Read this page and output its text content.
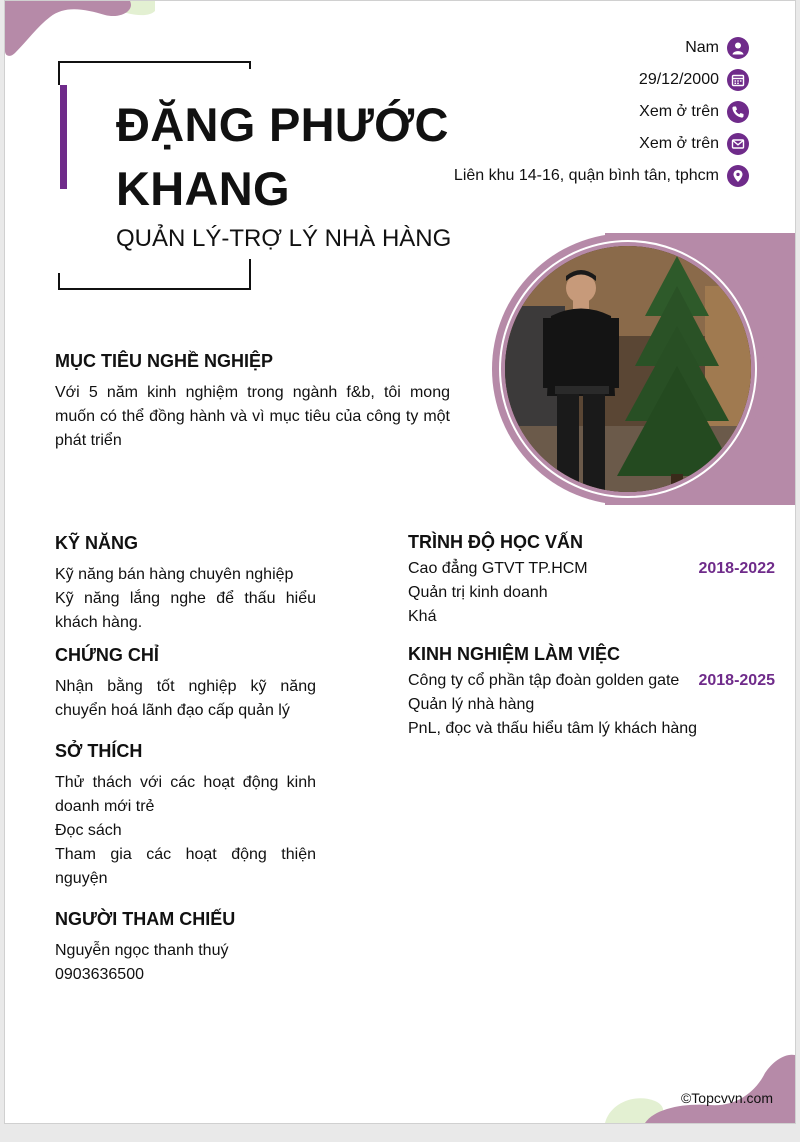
ĐẶNG PHƯỚC KHANG
QUẢN LÝ-TRỢ LÝ NHÀ HÀNG
Nam
29/12/2000
Xem ở trên
Xem ở trên
Liên khu 14-16, quận bình tân, tphcm
MỤC TIÊU NGHỀ NGHIỆP
Với 5 năm kinh nghiệm trong ngành f&b, tôi mong muốn có thể đồng hành và vì mục tiêu của công ty một phát triển
KỸ NĂNG
Kỹ năng bán hàng chuyên nghiệp
Kỹ năng lắng nghe để thấu hiểu khách hàng.
CHỨNG CHỈ
Nhận bằng tốt nghiệp kỹ năng chuyển hoá lãnh đạo cấp quản lý
SỞ THÍCH
Thử thách với các hoạt động kinh doanh mới trẻ
Đọc sách
Tham gia các hoạt động thiện nguyện
NGƯỜI THAM CHIẾU
Nguyễn ngọc thanh thuý
0903636500
TRÌNH ĐỘ HỌC VẤN
Cao đẳng GTVT TP.HCM	2018-2022
Quản trị kinh doanh
Khá
KINH NGHIỆM LÀM VIỆC
Công ty cổ phần tập đoàn golden gate 2018-2025
Quản lý nhà hàng
PnL, đọc và thấu hiểu tâm lý khách hàng
©Topcvvn.com
